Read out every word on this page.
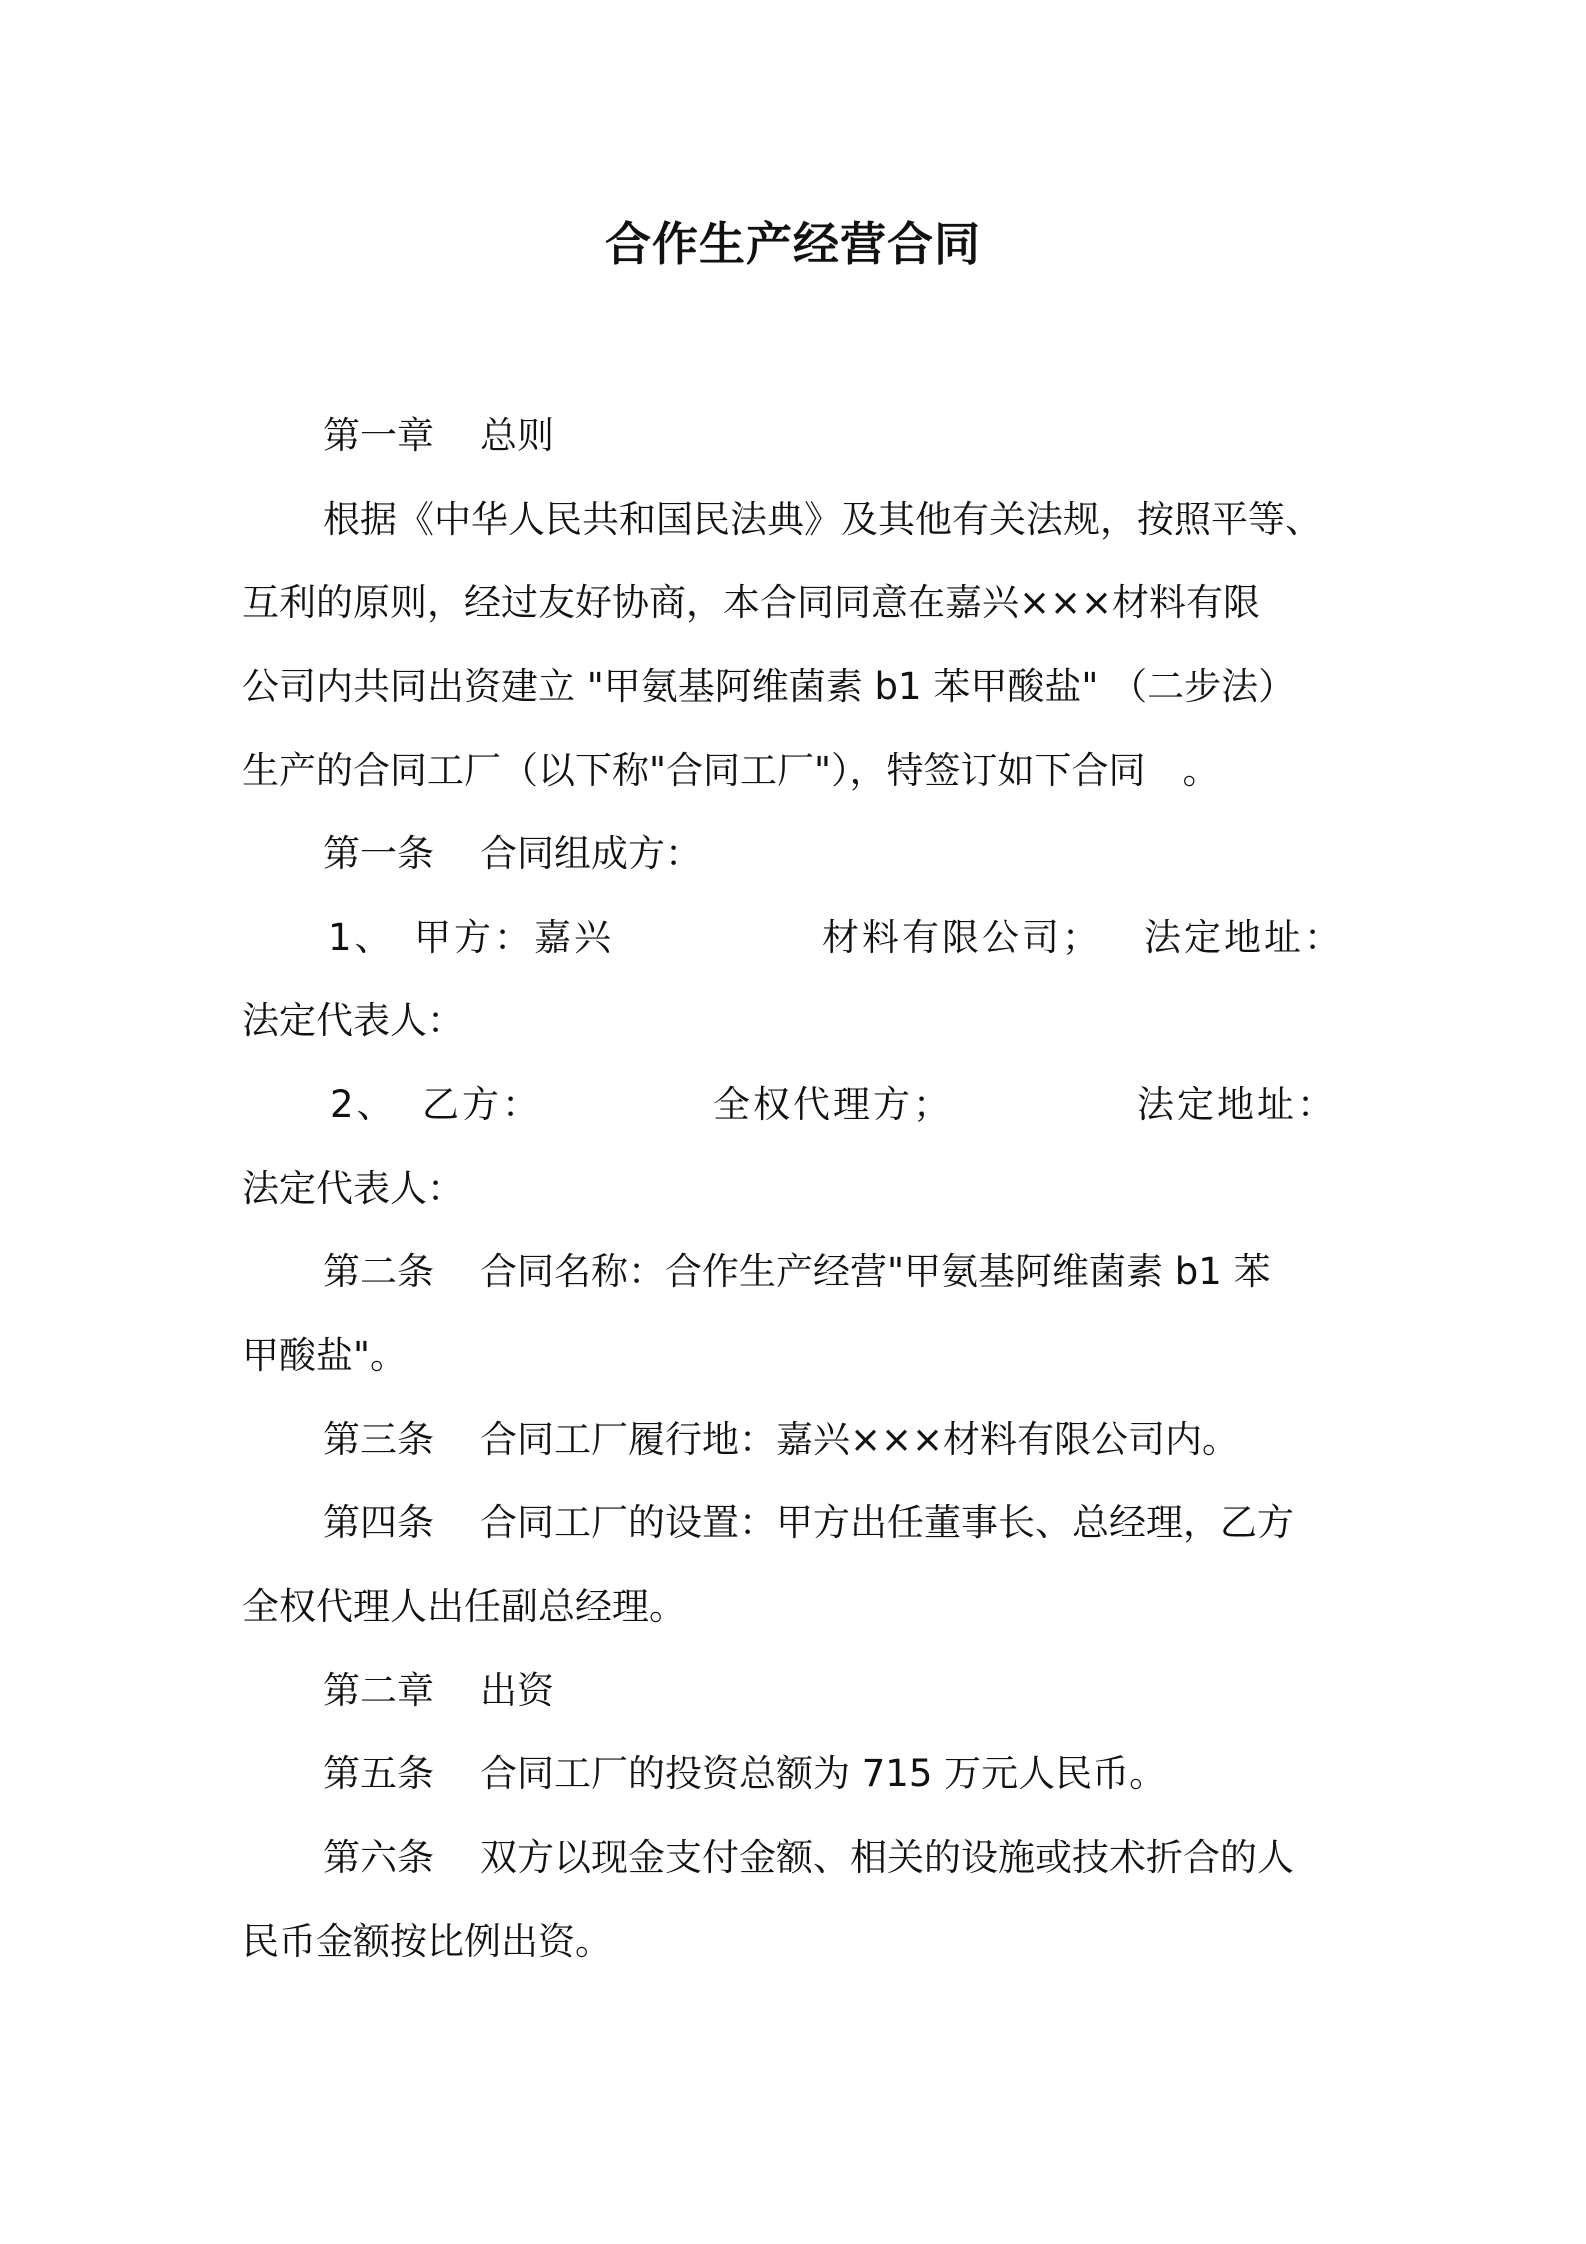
合作生产经营合同
第一章 总则
根据《中华人民共和国民法典》及其他有关法规，按照平等、
互利的原则，经过友好协商，本合同同意在嘉兴×××材料有限
公司内共同出资建立 "甲氨基阿维菌素 b1 苯甲酸盐" （二步法）
生产的合同工厂（以下称"合同工厂"），特签订如下合同　。
第一条 合同组成方：
1、 甲方：嘉兴	材料有限公司； 法定地址：
法定代表人：
2、 乙方：	全权代理方；	法定地址：
法定代表人：
第二条 合同名称：合作生产经营"甲氨基阿维菌素 b1 苯
甲酸盐"。
第三条 合同工厂履行地：嘉兴×××材料有限公司内。
第四条 合同工厂的设置：甲方出任董事长、总经理，乙方
全权代理人出任副总经理。
第二章 出资
第五条 合同工厂的投资总额为 715 万元人民币。
第六条 双方以现金支付金额、相关的设施或技术折合的人
民币金额按比例出资。
